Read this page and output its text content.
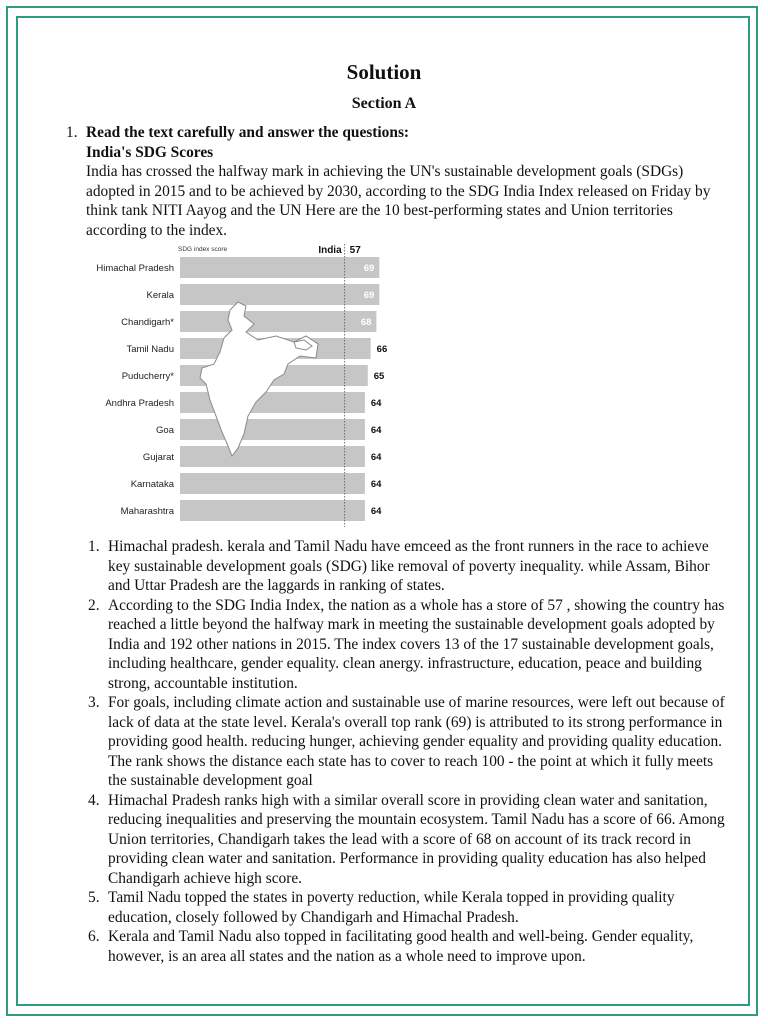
Solution
Section A
1. Read the text carefully and answer the questions:
India's SDG Scores
India has crossed the halfway mark in achieving the UN's sustainable development goals (SDGs) adopted in 2015 and to be achieved by 2030, according to the SDG India Index released on Friday by think tank NITI Aayog and the UN Here are the 10 best-performing states and Union territories according to the index.
SDG index score	India 57
Himachal Pradesh	69
Kerala	69
Chandigarh*	68
Tamil Nadu	66
Puducherry*	65
Andhra Pradesh	64
Goa	64
Gujarat	64
Karnataka	64
Maharashtra	64
1. Himachal pradesh. kerala and Tamil Nadu have emceed as the front runners in the race to achieve key sustainable development goals (SDG) like removal of poverty inequality. while Assam, Bihor and Uttar Pradesh are the laggards in ranking of states.
2. According to the SDG India Index, the nation as a whole has a store of 57 , showing the country has reached a little beyond the halfway mark in meeting the sustainable development goals adopted by India and 192 other nations in 2015. The index covers 13 of the 17 sustainable development goals, including healthcare, gender equality. clean anergy. infrastructure, education, peace and building strong, accountable institution.
3. For goals, including climate action and sustainable use of marine resources, were left out because of lack of data at the state level. Kerala's overall top rank (69) is attributed to its strong performance in providing good health. reducing hunger, achieving gender equality and providing quality education. The rank shows the distance each state has to cover to reach 100 - the point at which it fully meets the sustainable development goal
4. Himachal Pradesh ranks high with a similar overall score in providing clean water and sanitation, reducing inequalities and preserving the mountain ecosystem. Tamil Nadu has a score of 66. Among Union territories, Chandigarh takes the lead with a score of 68 on account of its track record in providing clean water and sanitation. Performance in providing quality education has also helped Chandigarh achieve high score.
5. Tamil Nadu topped the states in poverty reduction, while Kerala topped in providing quality education, closely followed by Chandigarh and Himachal Pradesh.
6. Kerala and Tamil Nadu also topped in facilitating good health and well-being. Gender equality, however, is an area all states and the nation as a whole need to improve upon.
